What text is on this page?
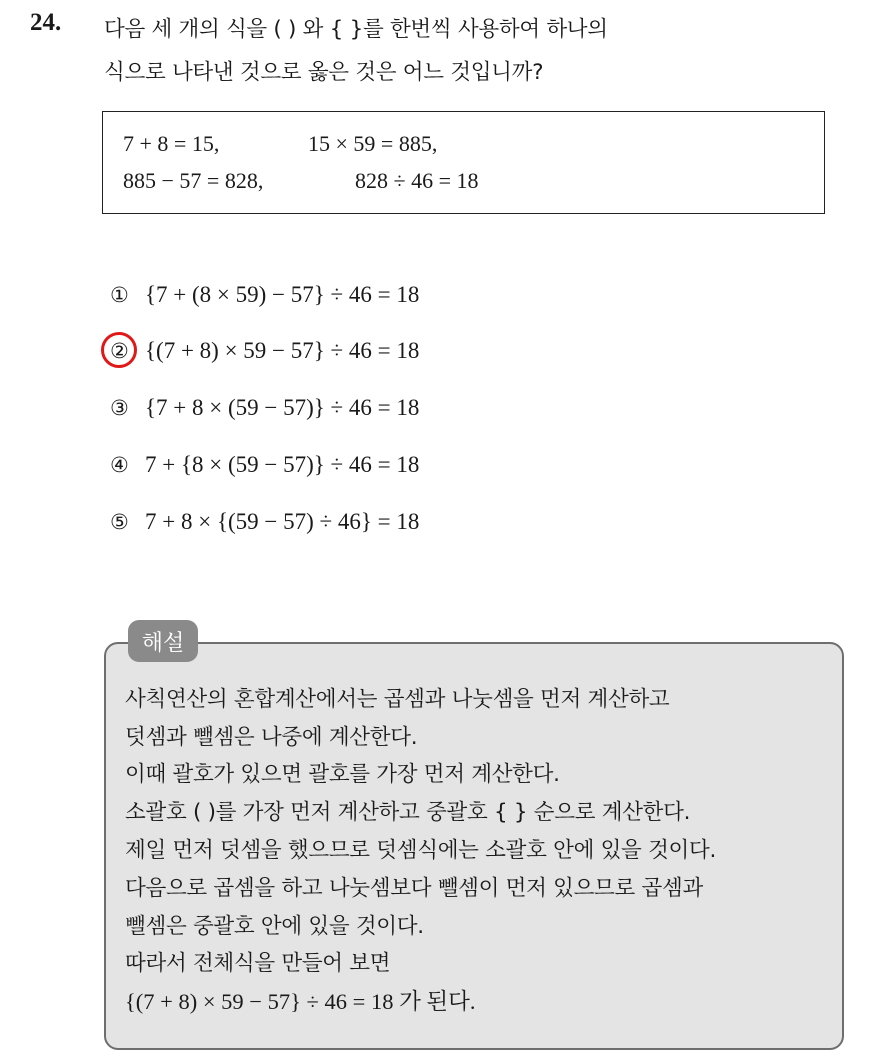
24. 다음 세 개의 식을 ( ) 와 { }를 한번씩 사용하여 하나의
식으로 나타낸 것으로 옳은 것은 어느 것입니까?
7 + 8 = 15,	15 × 59 = 885,
885 − 57 = 828,	828 ÷ 46 = 18
① {7 + (8 × 59) − 57} ÷ 46 = 18
② {(7 + 8) × 59 − 57} ÷ 46 = 18
③ {7 + 8 × (59 − 57)} ÷ 46 = 18
④ 7 + {8 × (59 − 57)} ÷ 46 = 18
⑤ 7 + 8 × {(59 − 57) ÷ 46} = 18
해설
사칙연산의 혼합계산에서는 곱셈과 나눗셈을 먼저 계산하고
덧셈과 뺄셈은 나중에 계산한다.
이때 괄호가 있으면 괄호를 가장 먼저 계산한다.
소괄호 ( )를 가장 먼저 계산하고 중괄호 { } 순으로 계산한다.
제일 먼저 덧셈을 했으므로 덧셈식에는 소괄호 안에 있을 것이다.
다음으로 곱셈을 하고 나눗셈보다 뺄셈이 먼저 있으므로 곱셈과
뺄셈은 중괄호 안에 있을 것이다.
따라서 전체식을 만들어 보면
{(7 + 8) × 59 − 57} ÷ 46 = 18 가 된다.
